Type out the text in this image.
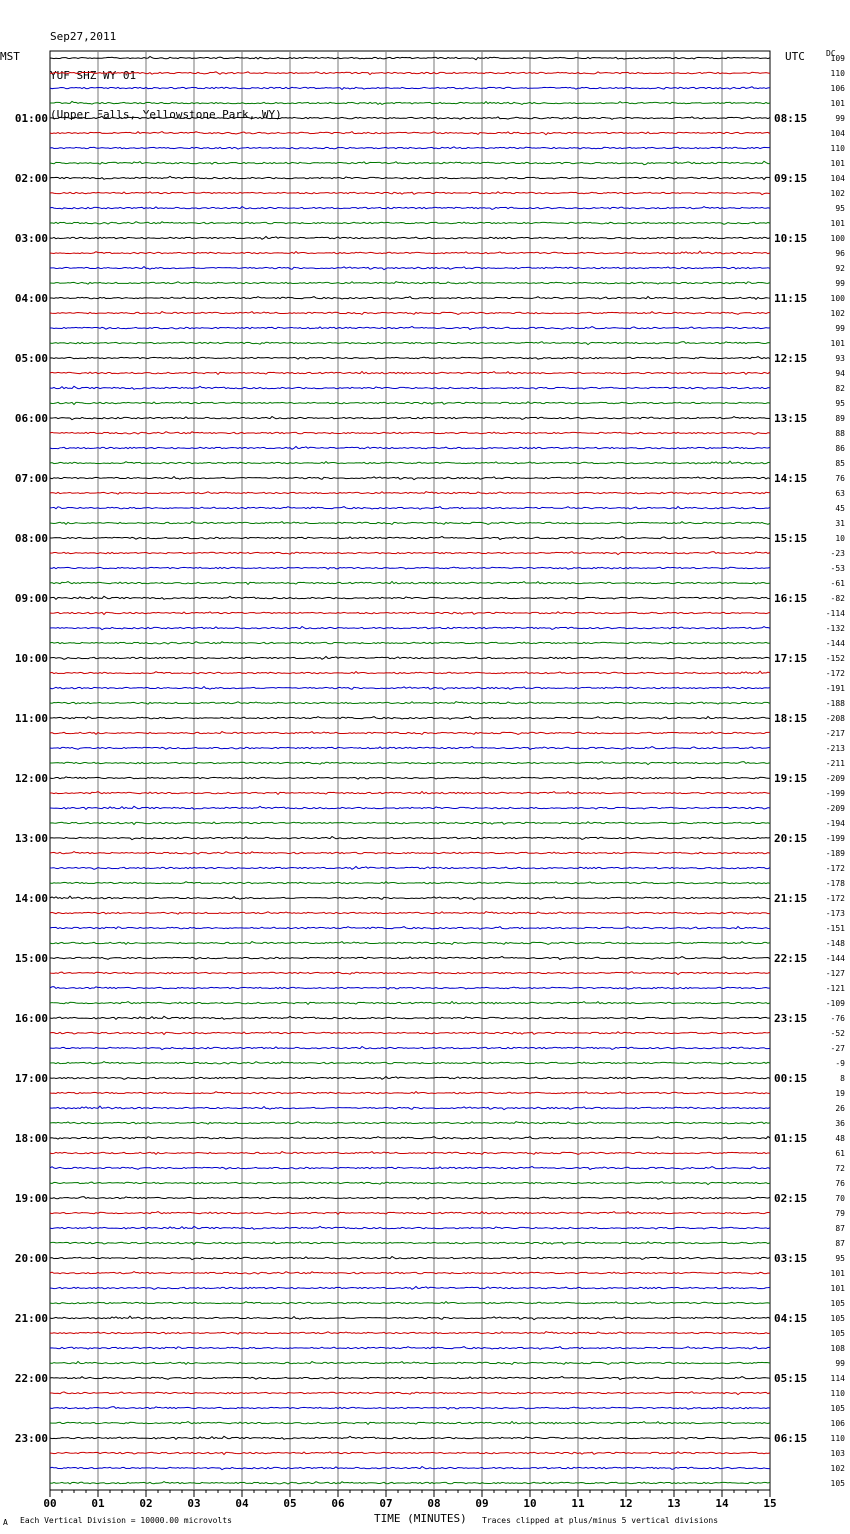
Sep27,2011

YUF SHZ WY 01

(Upper Falls, Yellowstone Park, WY)

MST	UTC	DC
00	01	02	03	04	05	06	07	08	09	10	11	12	13	14	15
109
110
106
101
99
104
110
101
104
102
95
101
100
96
92
99
100
102
99
101
93
94
82
95
89
88
86
85
76
63
45
31
10
-23
-53
-61
-82
-114
-132
-144
-152
-172
-191
-188
-208
-217
-213
-211
-209
-199
-209
-194
-199
-189
-172
-178
-172
-173
-151
-148
-144
-127
-121
-109
-76
-52
-27
-9
8
19
26
36
48
61
72
76
70
79
87
87
95
101
101
105
105
105
108
99
114
110
105
106
110
103
102
105
01:00
02:00
03:00
04:00
05:00
06:00
07:00
08:00
09:00
10:00
11:00
12:00
13:00
14:00
15:00
16:00
17:00
18:00
19:00
20:00
21:00
22:00
23:00
08:15
09:15
10:15
11:15
12:15
13:15
14:15
15:15
16:15
17:15
18:15
19:15
20:15
21:15
22:15
23:15
00:15
01:15
02:15
03:15
04:15
05:15
06:15
A Each Vertical Division = 10000.00 microvolts	TIME (MINUTES) Traces clipped at plus/minus 5 vertical divisions
